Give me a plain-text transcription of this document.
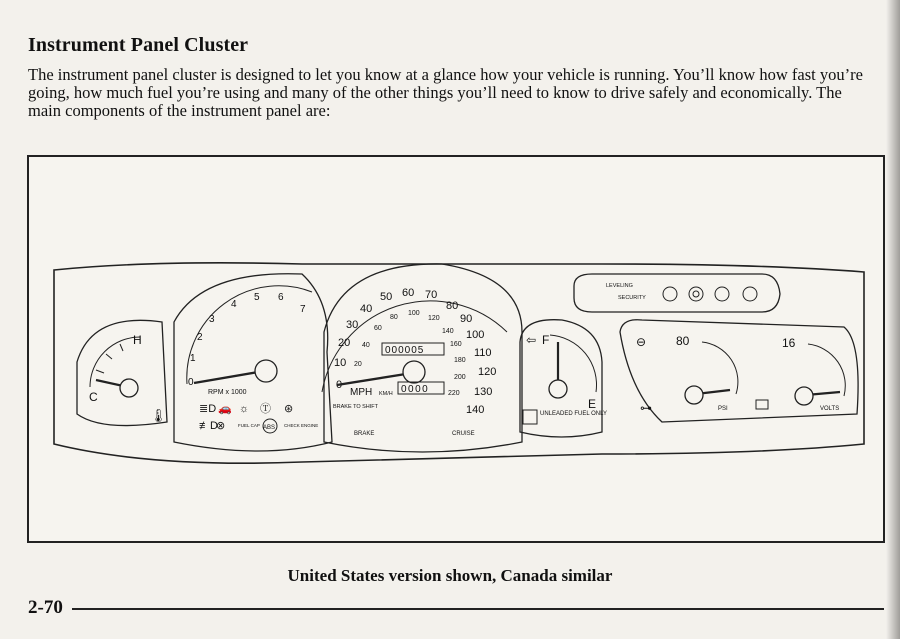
Instrument Panel Cluster
The instrument panel cluster is designed to let you know at a glance how your vehicle is running. You’ll know how fast you’re going, how much fuel you’re using and many of the other things you’ll need to know to drive safely and economically. The main components of the instrument panel are:
H
C
🌡
1
2
3
4
5 6
7
0
RPM x 1000
≣D 🚗 ☼ Ⓣ ⊛
≢D
⊗	FUEL CAP ABS CHECK ENGINE
10
20
30
40
50 60 70
80
90
100
110
120
130
140
20
40
60
80
100
120
140
160
180
200
220
000005
MPH KM/H 0000
BRAKE TO SHIFT
BRAKE	CRUISE
⇦ F
E
UNLEADED FUEL ONLY
LEVELING
SECURITY
⊖ 80
PSI
⊶
16
VOLTS
United States version shown, Canada similar
2-70
